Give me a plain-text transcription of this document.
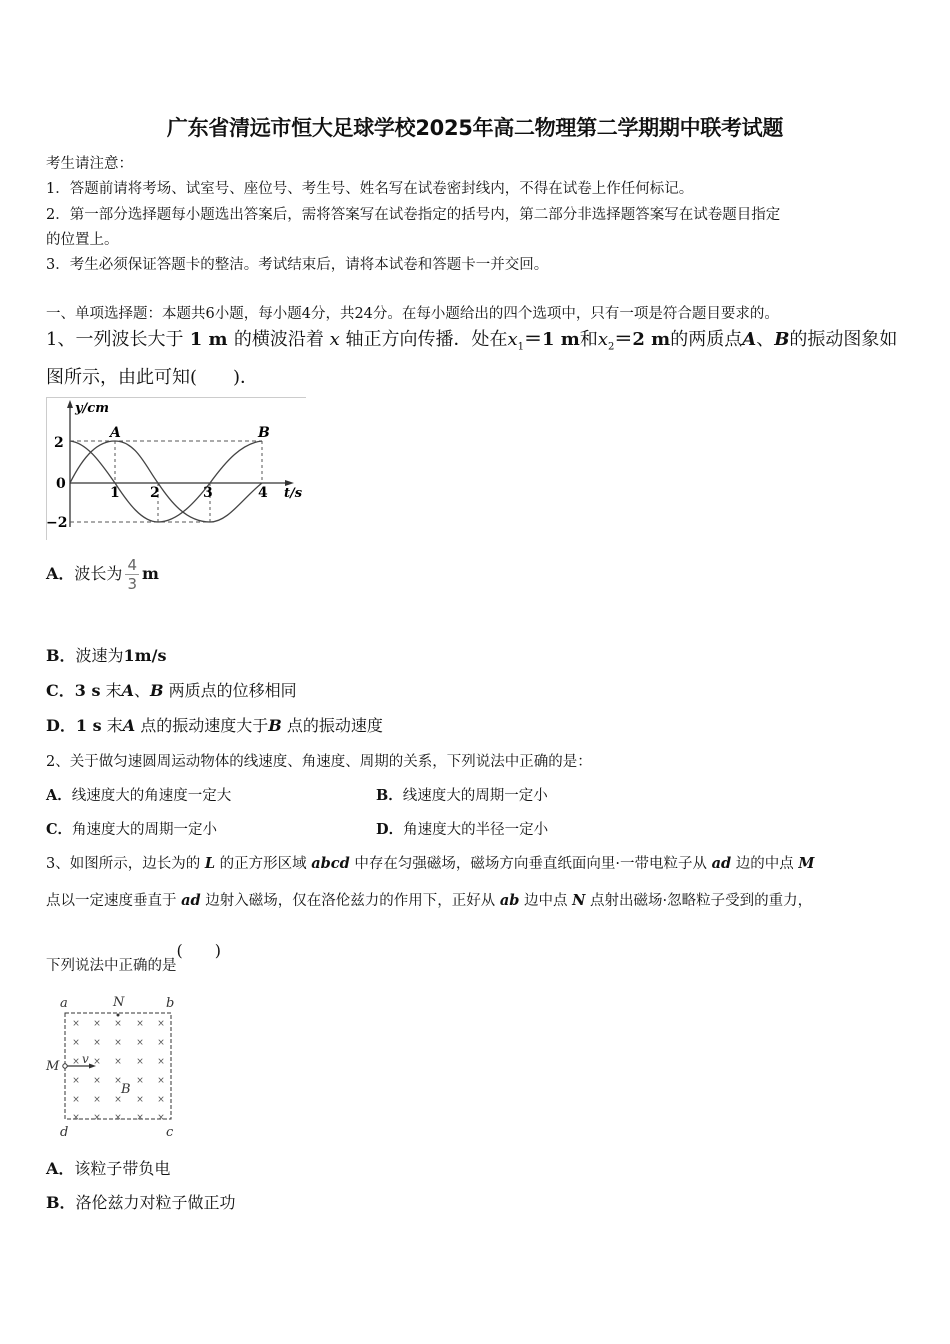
广东省清远市恒大足球学校2025年高二物理第二学期期中联考试题
考生请注意：
1．答题前请将考场、试室号、座位号、考生号、姓名写在试卷密封线内，不得在试卷上作任何标记。
2．第一部分选择题每小题选出答案后，需将答案写在试卷指定的括号内，第二部分非选择题答案写在试卷题目指定
的位置上。
3．考生必须保证答题卡的整洁。考试结束后，请将本试卷和答题卡一并交回。
一、单项选择题：本题共6小题，每小题4分，共24分。在每小题给出的四个选项中，只有一项是符合题目要求的。
1、一列波长大于 1 m 的横波沿着 x 轴正方向传播．处在$x_1=1$ m和$x_2=2$ m的两质点A、B的振动图象如
图所示，由此可知(　　)．
y/cm
2
0
−2
1 2	3	4 t/s
A	B
A．波长为 $\frac{4}{3}$ m
B．波速为1m/s
C．3 s 末A、B 两质点的位移相同
D．1 s 末A 点的振动速度大于B 点的振动速度
2、关于做匀速圆周运动物体的线速度、角速度、周期的关系，下列说法中正确的是：
A．线速度大的角速度一定大	B．线速度大的周期一定小
C．角速度大的周期一定小	D．角速度大的半径一定小
3、如图所示，边长为的 L 的正方形区域 abcd 中存在匀强磁场，磁场方向垂直纸面向里·一带电粒子从 ad 边的中点 M
点以一定速度垂直于 ad 边射入磁场，仅在洛伦兹力的作用下，正好从 ab 边中点 N 点射出磁场·忽略粒子受到的重力，
下列说法中正确的是(　　)
× × × × ×
× × × × ×
× × × × ×
× × × × ×
× × × × ×
× × × × ×
a	b
c
d
N
M v
B
A．该粒子带负电
B．洛伦兹力对粒子做正功
